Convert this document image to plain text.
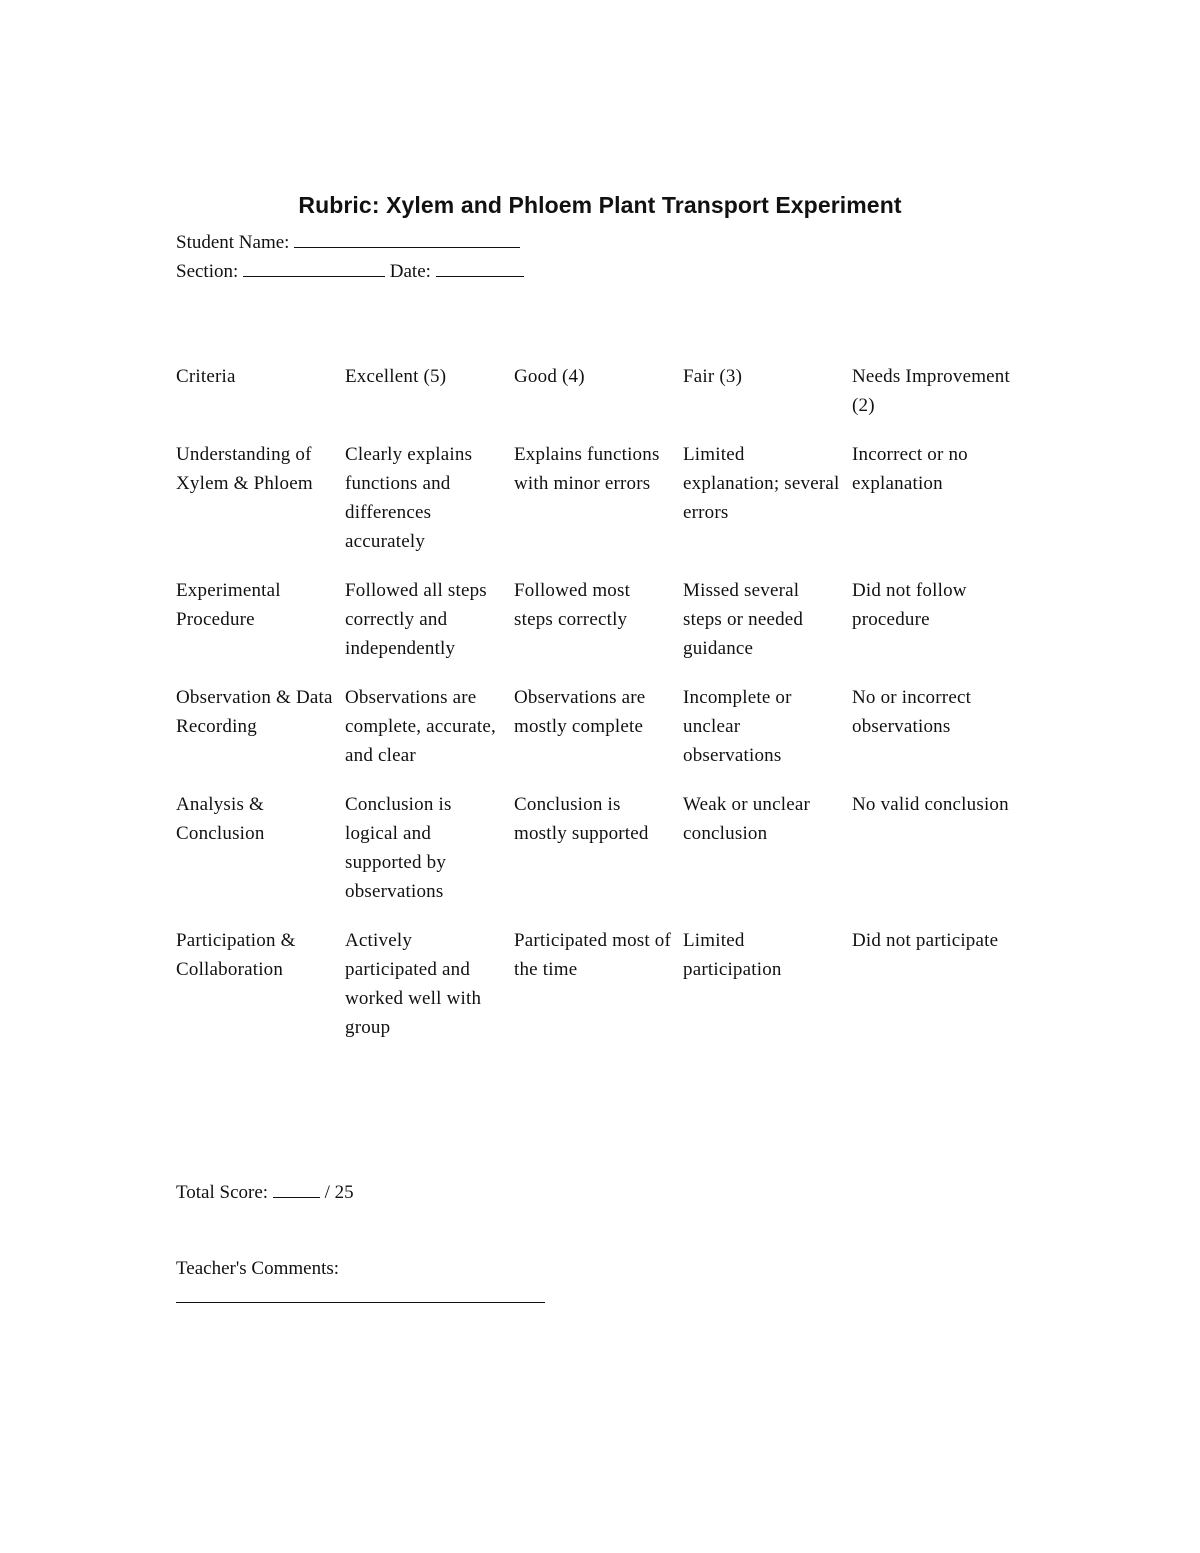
Rubric: Xylem and Phloem Plant Transport Experiment
Student Name:
Section:	Date:
Criteria	Excellent (5)	Good (4)	Fair (3)	Needs Improvement (2)
Understanding of Xylem & Phloem	Clearly explains functions and differences accurately	Explains functions with minor errors	Limited explanation; several errors	Incorrect or no explanation
Experimental Procedure	Followed all steps correctly and independently	Followed most steps correctly	Missed several steps or needed guidance	Did not follow procedure
Observation & Data Recording	Observations are complete, accurate, and clear	Observations are mostly complete	Incomplete or unclear observations	No or incorrect observations
Analysis & Conclusion	Conclusion is logical and supported by observations	Conclusion is mostly supported	Weak or unclear conclusion	No valid conclusion
Participation & Collaboration	Actively participated and worked well with group	Participated most of the time	Limited participation	Did not participate
Total Score:	/ 25
Teacher's Comments:
